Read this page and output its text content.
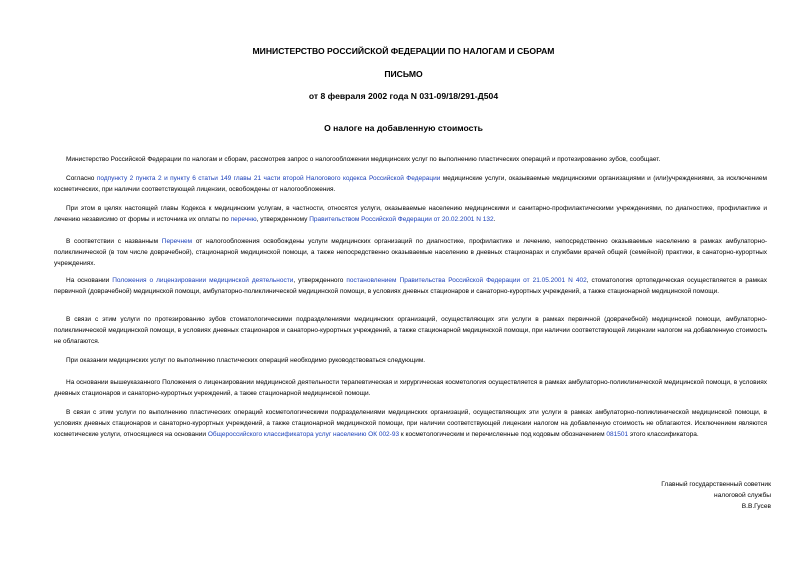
МИНИСТЕРСТВО РОССИЙСКОЙ ФЕДЕРАЦИИ ПО НАЛОГАМ И СБОРАМ
ПИСЬМО
от 8 февраля 2002 года N 031-09/18/291-Д504
О налоге на добавленную стоимость
Министерство Российской Федерации по налогам и сборам, рассмотрев запрос о налогообложении медицинских услуг по выполнению пластических операций и протезированию зубов, сообщает.
Согласно подпункту 2 пункта 2 и пункту 6 статьи 149 главы 21 части второй Налогового кодекса Российской Федерации медицинские услуги, оказываемые медицинскими организациями и (или)учреждениями, за исключением косметических, при наличии соответствующей лицензии, освобождены от налогообложения.
При этом в целях настоящей главы Кодекса к медицинским услугам, в частности, относятся услуги, оказываемые населению медицинскими и санитарно-профилактическими учреждениями, по диагностике, профилактике и лечению независимо от формы и источника их оплаты по перечню, утвержденному Правительством Российской Федерации от 20.02.2001 N 132.
В соответствии с названным Перечнем от налогообложения освобождены услуги медицинских организаций по диагностике, профилактике и лечению, непосредственно оказываемые населению в рамках амбулаторно-поликлинической (в том числе доврачебной), стационарной медицинской помощи, а также непосредственно оказываемые населению в дневных стационарах и службами врачей общей (семейной) практики, в санаторно-курортных учреждениях.
На основании Положения о лицензировании медицинской деятельности, утвержденного постановлением Правительства Российской Федерации от 21.05.2001 N 402, стоматология ортопедическая осуществляется в рамках первичной (доврачебной) медицинской помощи, амбулаторно-поликлинической медицинской помощи, в условиях дневных стационаров и санаторно-курортных учреждений, а также стационарной медицинской помощи.
В связи с этим услуги по протезированию зубов стоматологическими подразделениями медицинских организаций, осуществляющих эти услуги в рамках первичной (доврачебной) медицинской помощи, амбулаторно-поликлинической медицинской помощи, в условиях дневных стационаров и санаторно-курортных учреждений, а также стационарной медицинской помощи, при наличии соответствующей лицензии налогом на добавленную стоимость не облагаются.
При оказании медицинских услуг по выполнению пластических операций необходимо руководствоваться следующим.
На основании вышеуказанного Положения о лицензировании медицинской деятельности терапевтическая и хирургическая косметология осуществляется в рамках амбулаторно-поликлинической медицинской помощи, в условиях дневных стационаров и санаторно-курортных учреждений, а также стационарной медицинской помощи.
В связи с этим услуги по выполнению пластических операций косметологическими подразделениями медицинских организаций, осуществляющих эти услуги в рамках амбулаторно-поликлинической медицинской помощи, в условиях дневных стационаров и санаторно-курортных учреждений, а также стационарной медицинской помощи, при наличии соответствующей лицензии налогом на добавленную стоимость не облагаются. Исключением являются косметические услуги, относящиеся на основании Общероссийского классификатора услуг населению ОК 002-93 к косметологическим и перечисленные под кодовым обозначением 081501 этого классификатора.
Главный государственный советник
налоговой службы
В.В.Гусев
